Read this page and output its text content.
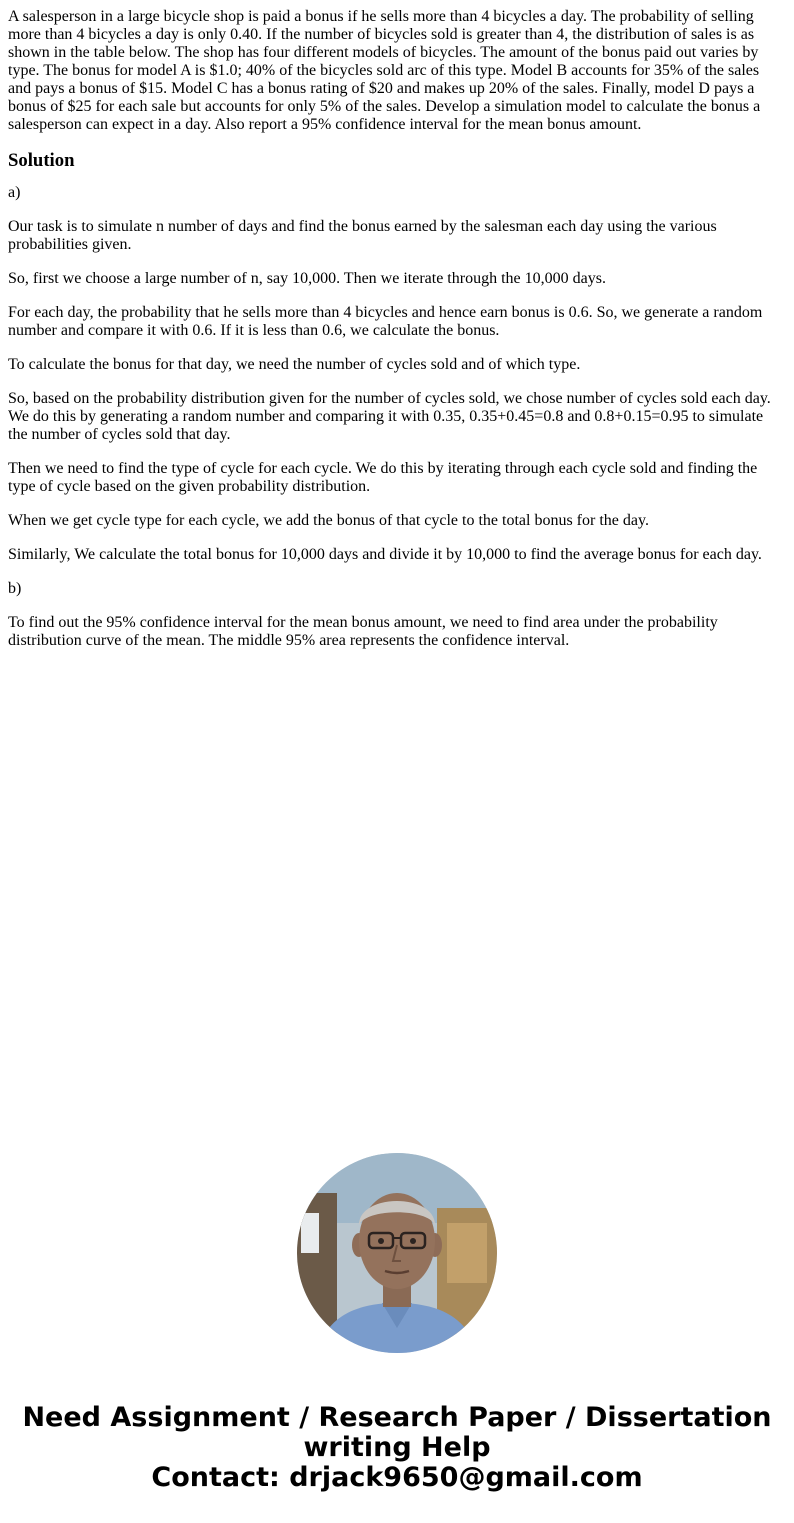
A salesperson in a large bicycle shop is paid a bonus if he sells more than 4 bicycles a day. The probability of selling more than 4 bicycles a day is only 0.40. If the number of bicycles sold is greater than 4, the distribution of sales is as shown in the table below. The shop has four different models of bicycles. The amount of the bonus paid out varies by type. The bonus for model A is $1.0; 40% of the bicycles sold arc of this type. Model B accounts for 35% of the sales and pays a bonus of $15. Model C has a bonus rating of $20 and makes up 20% of the sales. Finally, model D pays a bonus of $25 for each sale but accounts for only 5% of the sales. Develop a simulation model to calculate the bonus a salesperson can expect in a day. Also report a 95% confidence interval for the mean bonus amount.

Solution

a)

Our task is to simulate n number of days and find the bonus earned by the salesman each day using the various probabilities given.

So, first we choose a large number of n, say 10,000. Then we iterate through the 10,000 days.

For each day, the probability that he sells more than 4 bicycles and hence earn bonus is 0.6. So, we generate a random number and compare it with 0.6. If it is less than 0.6, we calculate the bonus.

To calculate the bonus for that day, we need the number of cycles sold and of which type.

So, based on the probability distribution given for the number of cycles sold, we chose number of cycles sold each day. We do this by generating a random number and comparing it with 0.35, 0.35+0.45=0.8 and 0.8+0.15=0.95 to simulate the number of cycles sold that day.

Then we need to find the type of cycle for each cycle. We do this by iterating through each cycle sold and finding the type of cycle based on the given probability distribution.

When we get cycle type for each cycle, we add the bonus of that cycle to the total bonus for the day.

Similarly, We calculate the total bonus for 10,000 days and divide it by 10,000 to find the average bonus for each day.

b)

To find out the 95% confidence interval for the mean bonus amount, we need to find area under the probability distribution curve of the mean. The middle 95% area represents the confidence interval.

Need Assignment / Research Paper / Dissertation
writing Help
Contact: drjack9650@gmail.com
